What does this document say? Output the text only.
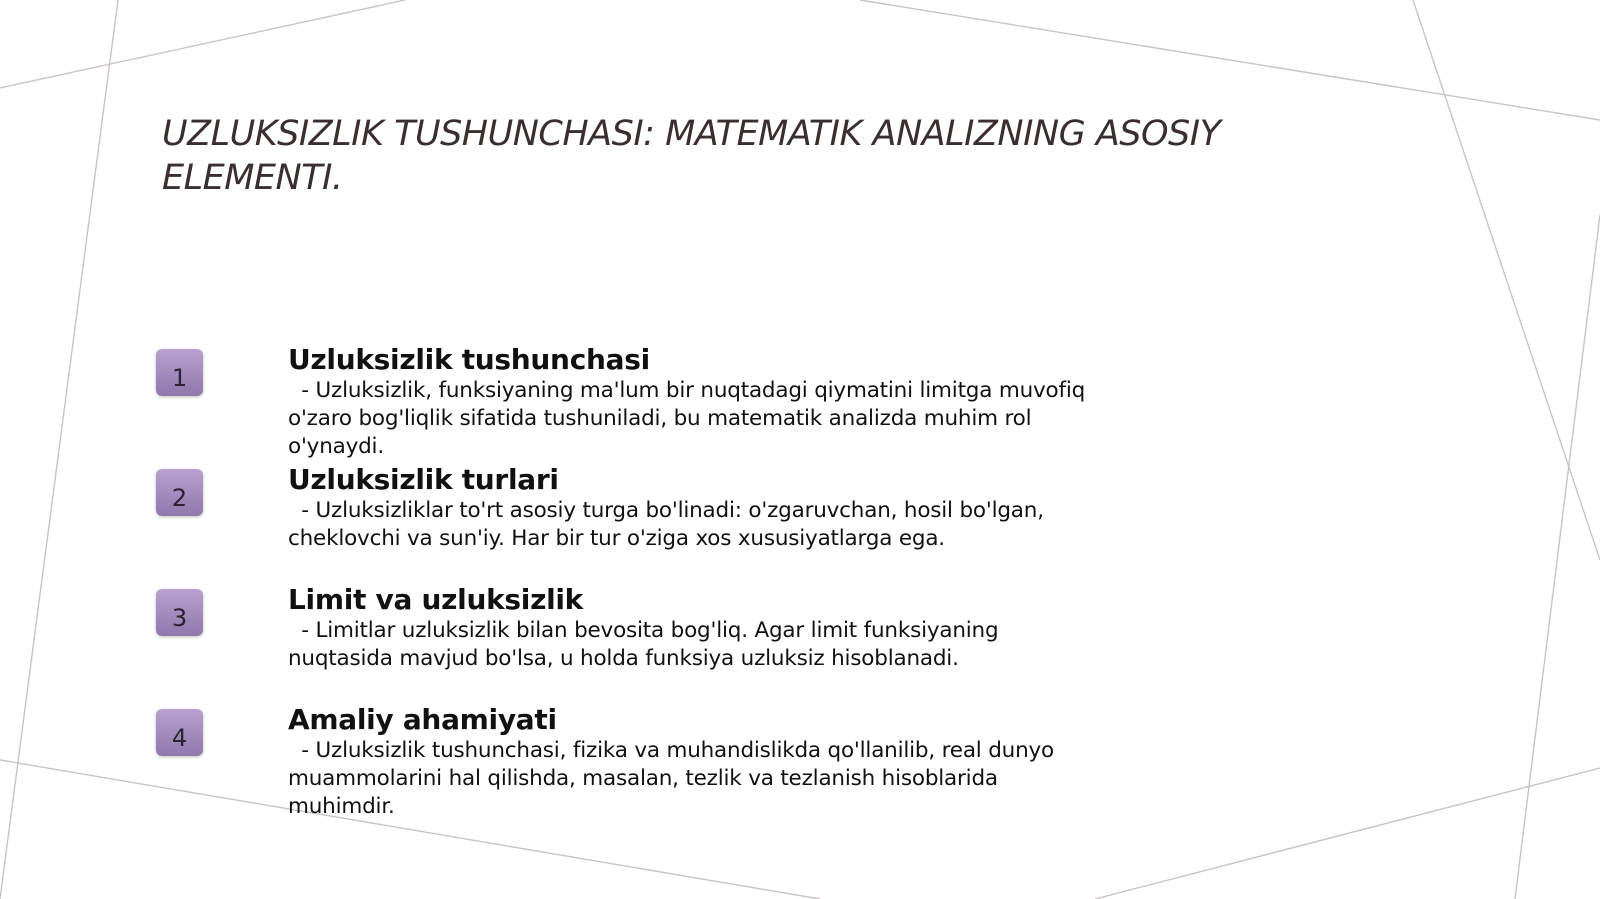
UZLUKSIZLIK TUSHUNCHASI: MATEMATIK ANALIZNING ASOSIY ELEMENTI.
1
Uzluksizlik tushunchasi
- Uzluksizlik, funksiyaning ma'lum bir nuqtadagi qiymatini limitga muvofiq o'zaro bog'liqlik sifatida tushuniladi, bu matematik analizda muhim rol o'ynaydi.
2
Uzluksizlik turlari
- Uzluksizliklar to'rt asosiy turga bo'linadi: o'zgaruvchan, hosil bo'lgan, cheklovchi va sun'iy. Har bir tur o'ziga xos xususiyatlarga ega.
3
Limit va uzluksizlik
- Limitlar uzluksizlik bilan bevosita bog'liq. Agar limit funksiyaning nuqtasida mavjud bo'lsa, u holda funksiya uzluksiz hisoblanadi.
4
Amaliy ahamiyati
- Uzluksizlik tushunchasi, fizika va muhandislikda qo'llanilib, real dunyo muammolarini hal qilishda, masalan, tezlik va tezlanish hisoblarida muhimdir.
